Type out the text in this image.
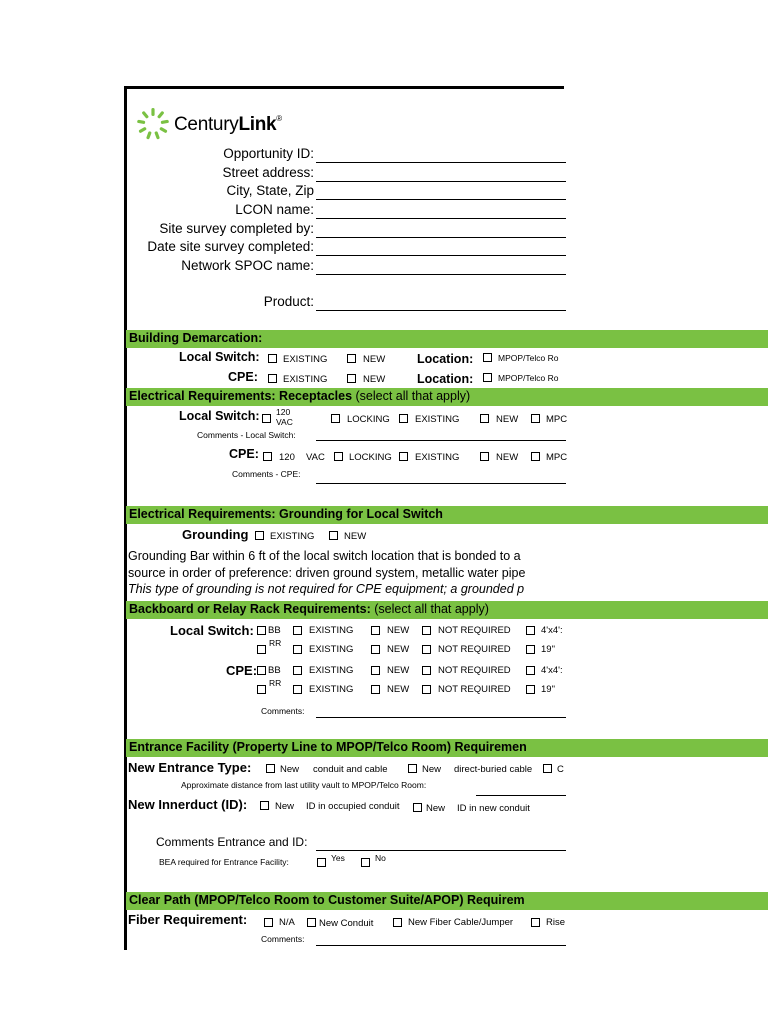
CenturyLink®
Opportunity ID:
Street address:
City, State, Zip
LCON name:
Site survey completed by:
Date site survey completed:
Network SPOC name:
Product:
Building Demarcation:
Local Switch: EXISTING	NEW	Location:	MPOP/Telco Ro
CPE:	EXISTING	NEW	Location:	MPOP/Telco Ro
Electrical Requirements: Receptacles (select all that apply)
Local Switch: 120
VAC	LOCKING	EXISTING	NEW	MPC
Comments - Local Switch:
CPE: 120 VAC	LOCKING EXISTING	NEW	MPC
Comments - CPE:
Electrical Requirements: Grounding for Local Switch
Grounding EXISTING	NEW
Grounding Bar within 6 ft of the local switch location that is bonded to a
source in order of preference: driven ground system, metallic water pipe
This type of grounding is not required for CPE equipment; a grounded p
Backboard or Relay Rack Requirements: (select all that apply)
Local Switch: BB	EXISTING	NEW	NOT REQUIRED	4'x4':
RR
EXISTING	NEW	NOT REQUIRED	19"
CPE: BB	EXISTING	NEW	NOT REQUIRED	4'x4':
RR
EXISTING	NEW	NOT REQUIRED	19"
Comments:
Entrance Facility (Property Line to MPOP/Telco Room) Requiremen
New Entrance Type:	New conduit and cable	New direct-buried cable	C
Approximate distance from last utility vault to MPOP/Telco Room:
New Innerduct (ID):	New ID in occupied conduit	New ID in new conduit
Comments Entrance and ID:
BEA required for Entrance Facility:	Yes	No
Clear Path (MPOP/Telco Room to Customer Suite/APOP) Requirem
Fiber Requirement:	N/A	New Conduit	New Fiber Cable/Jumper	Rise
Comments:
